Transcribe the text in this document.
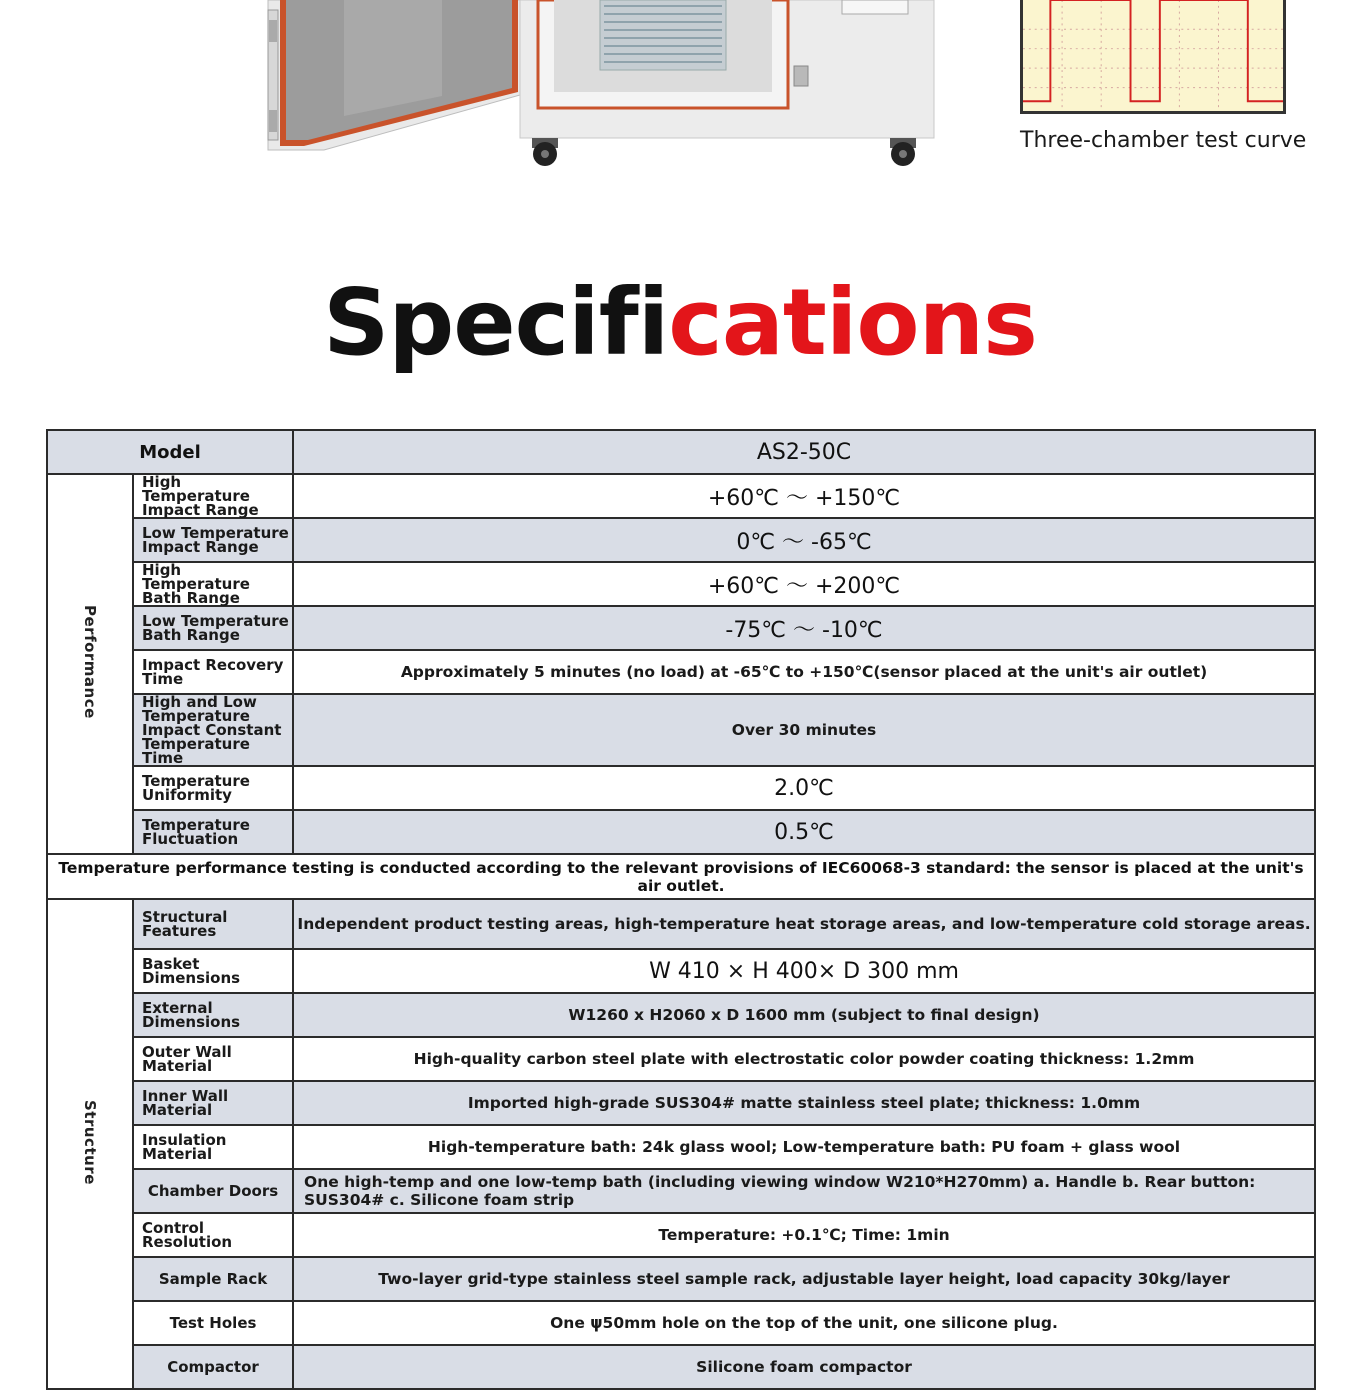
Three-chamber test curve
Specifications
Model		AS2-50C
Performance	High Temperature Impact Range	+60℃ ～ +150℃
	Low Temperature Impact Range	0℃ ～ -65℃
	High Temperature Bath Range	+60℃ ～ +200℃
	Low Temperature Bath Range	-75℃ ～ -10℃
	Impact Recovery Time	Approximately 5 minutes (no load) at -65℃ to +150℃(sensor placed at the unit's air outlet)
	High and Low Temperature Impact Constant Temperature Time	Over 30 minutes
	Temperature Uniformity	2.0℃
	Temperature Fluctuation	0.5℃
Temperature performance testing is conducted according to the relevant provisions of IEC60068-3 standard: the sensor is placed at the unit's air outlet.		
Structure	Structural Features	Independent product testing areas, high-temperature heat storage areas, and low-temperature cold storage areas.
	Basket Dimensions	W 410 × H 400× D 300 mm
	External Dimensions	W1260 x H2060 x D 1600 mm (subject to final design)
	Outer Wall Material	High-quality carbon steel plate with electrostatic color powder coating thickness: 1.2mm
	Inner Wall Material	Imported high-grade SUS304# matte stainless steel plate; thickness: 1.0mm
	Insulation Material	High-temperature bath: 24k glass wool; Low-temperature bath: PU foam + glass wool
	Chamber Doors	One high-temp and one low-temp bath (including viewing window W210*H270mm) a. Handle b. Rear button: SUS304# c. Silicone foam strip
	Control Resolution	Temperature: +0.1℃; Time: 1min
	Sample Rack	Two-layer grid-type stainless steel sample rack, adjustable layer height, load capacity 30kg/layer
	Test Holes	One ψ50mm hole on the top of the unit, one silicone plug.
	Compactor	Silicone foam compactor
